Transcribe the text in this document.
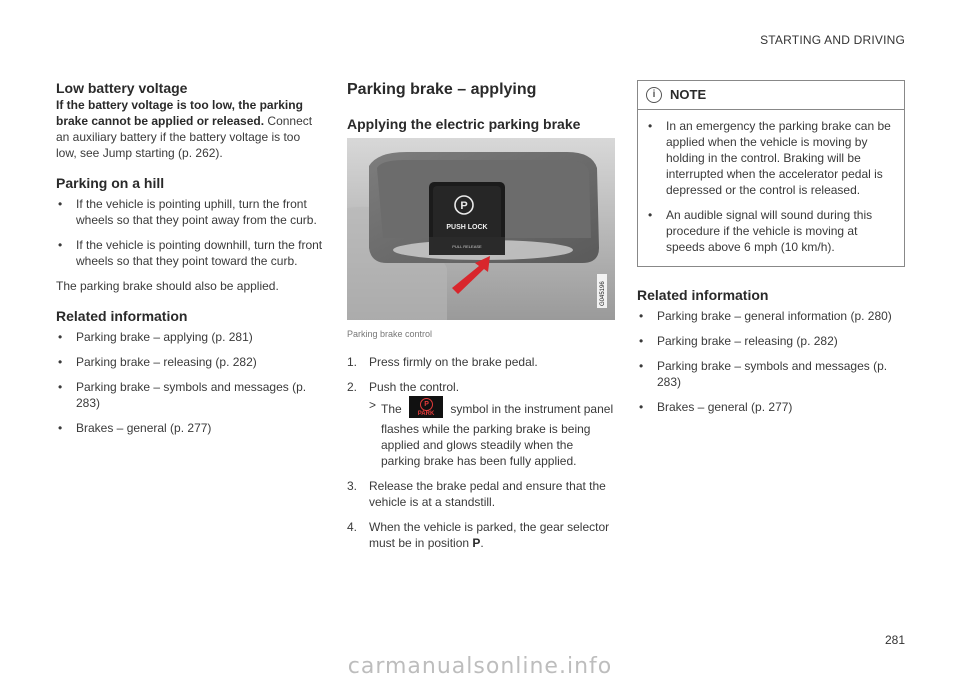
STARTING AND DRIVING
Low battery voltage

If the battery voltage is too low, the parking brake cannot be applied or released. Connect an auxiliary battery if the battery voltage is too low, see Jump starting (p. 262).

Parking on a hill
• If the vehicle is pointing uphill, turn the front wheels so that they point away from the curb.
• If the vehicle is pointing downhill, turn the front wheels so that they point toward the curb.

The parking brake should also be applied.

Related information
• Parking brake – applying (p. 281)
• Parking brake – releasing (p. 282)
• Parking brake – symbols and messages (p. 283)
• Brakes – general (p. 277)
Parking brake – applying
Applying the electric parking brake
P
PUSH LOCK
PULL RELEASE
G045196
Parking brake control
1. Press firmly on the brake pedal.
2. Push the control.
> The	P
PARK	symbol in the instrument panel flashes while the parking brake is being applied and glows steadily when the parking brake has been fully applied.
3. Release the brake pedal and ensure that the vehicle is at a standstill.
4. When the vehicle is parked, the gear selector must be in position P.
i	NOTE
• In an emergency the parking brake can be applied when the vehicle is moving by holding in the control. Braking will be interrupted when the accelerator pedal is depressed or the control is released.
• An audible signal will sound during this procedure if the vehicle is moving at speeds above 6 mph (10 km/h).
Related information
• Parking brake – general information (p. 280)
• Parking brake – releasing (p. 282)
• Parking brake – symbols and messages (p. 283)
• Brakes – general (p. 277)
281
carmanualsonline.info
